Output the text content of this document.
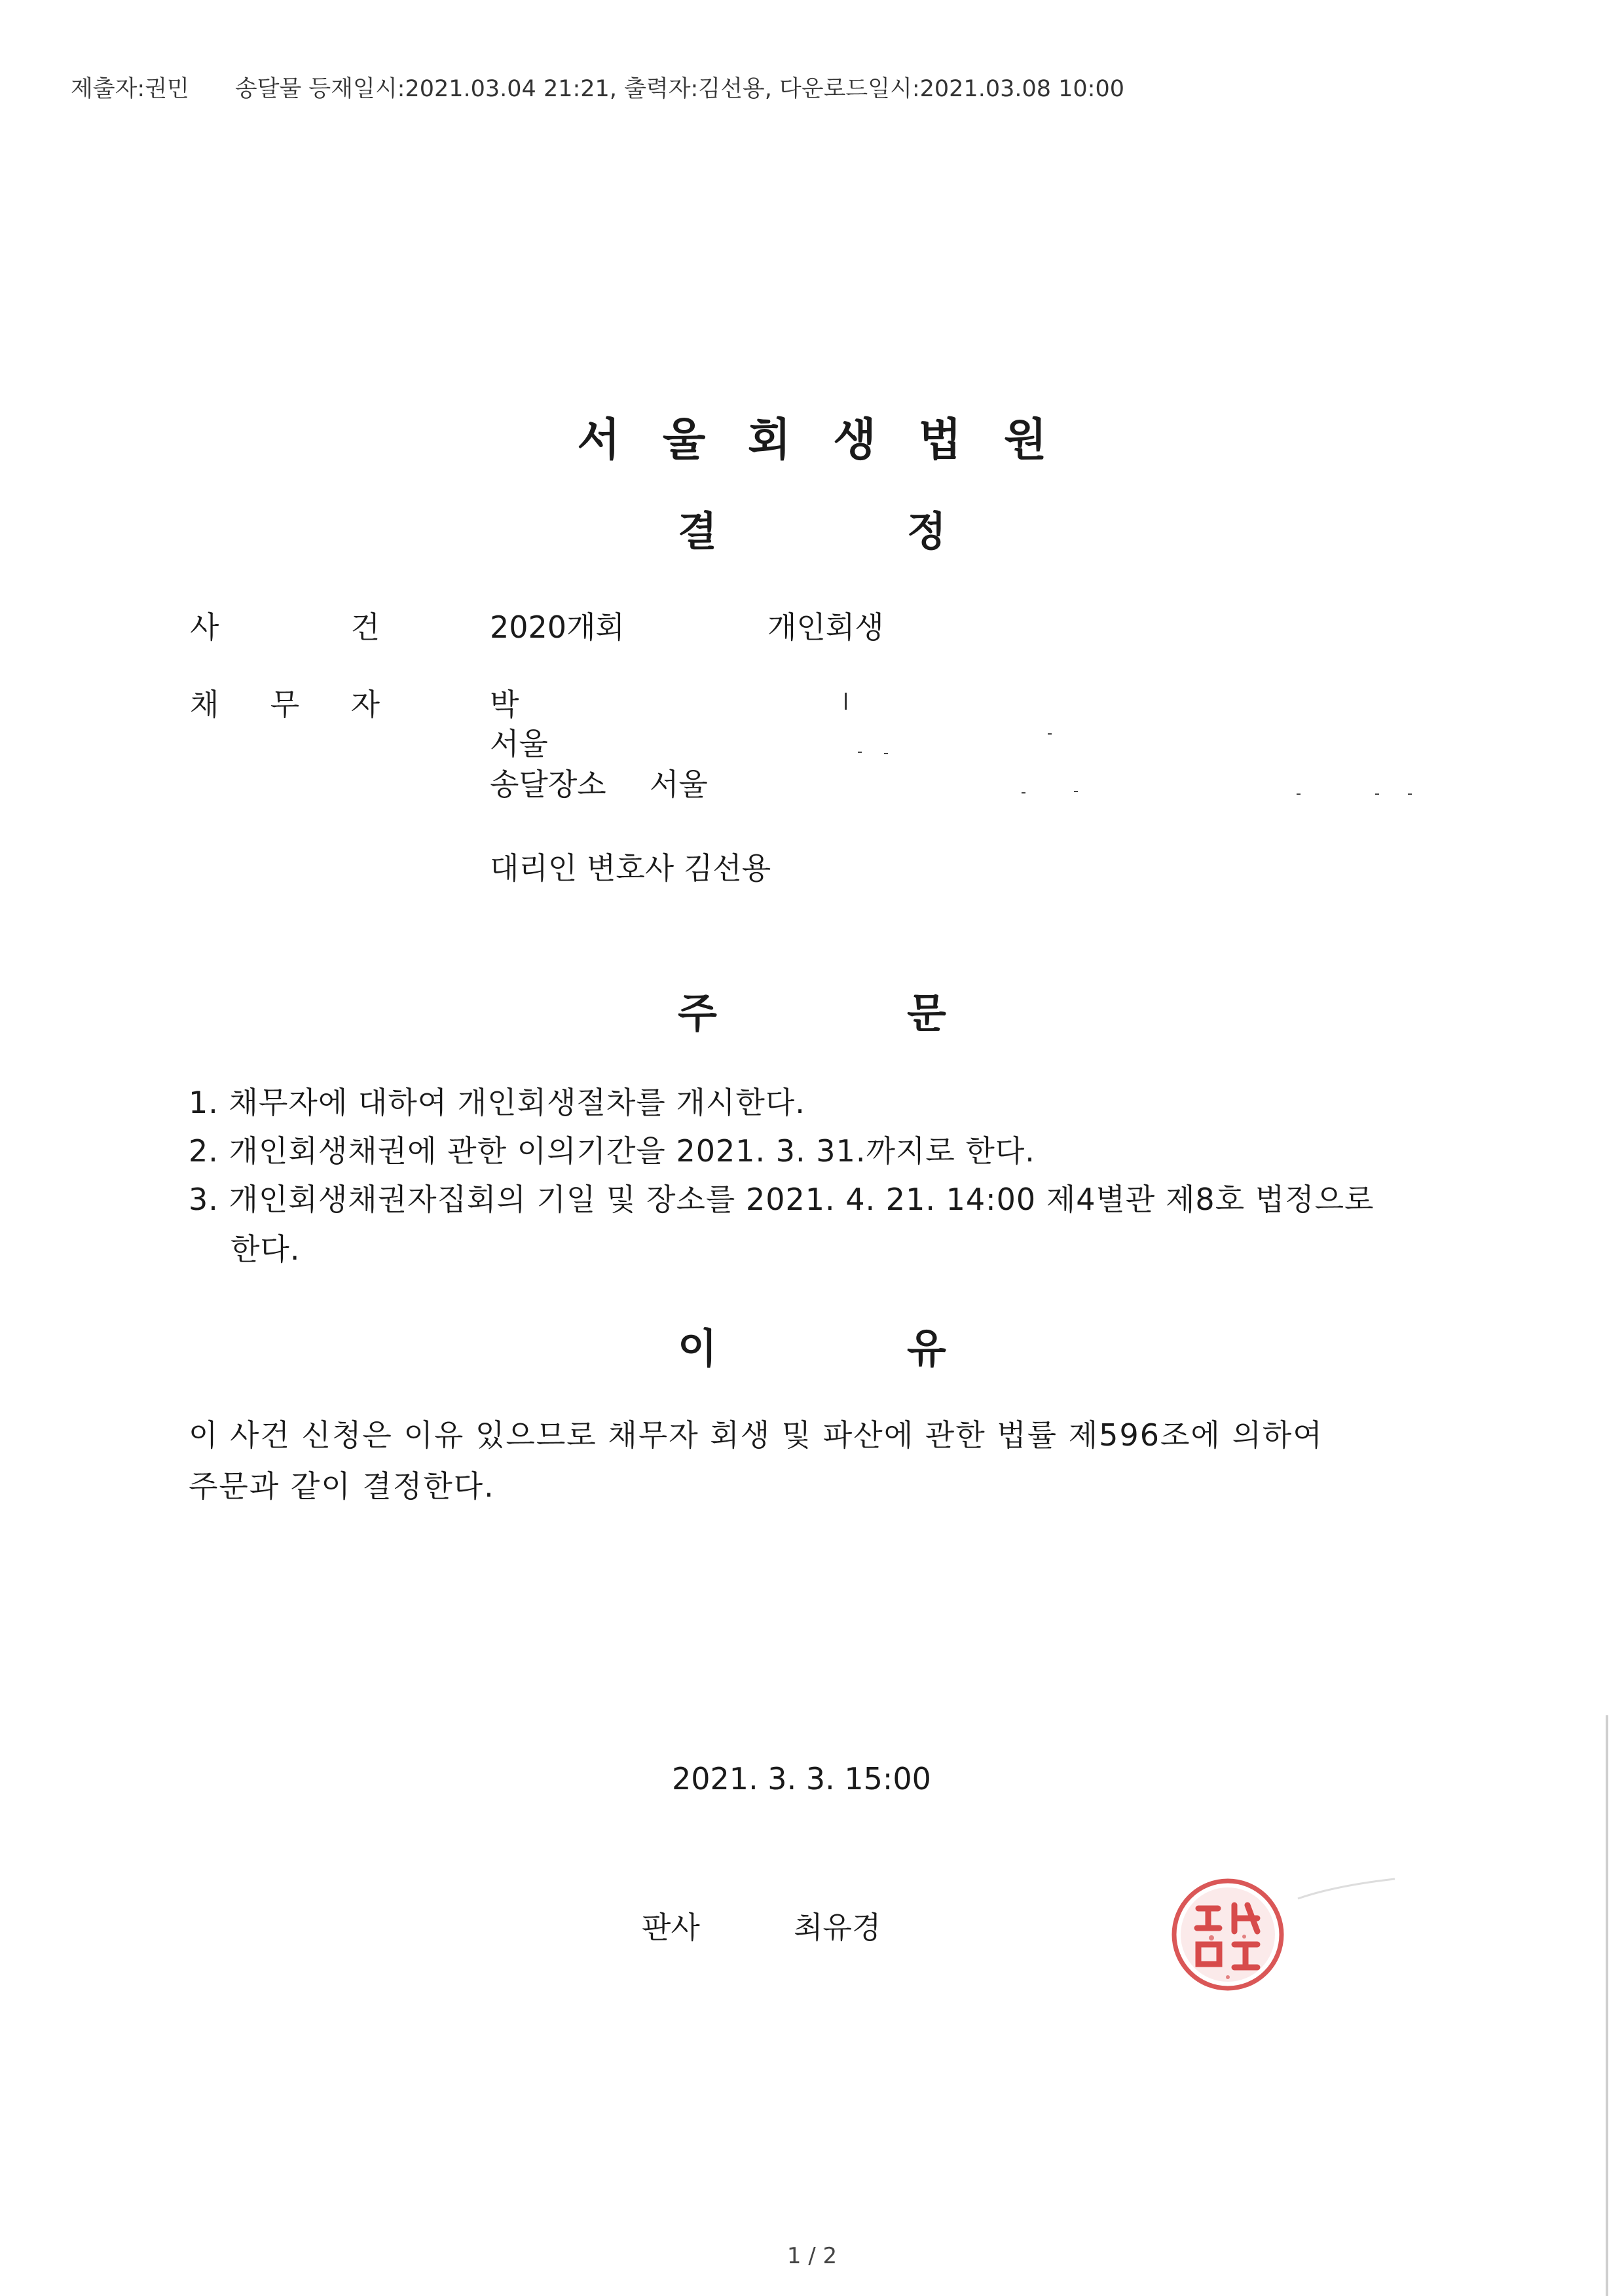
제출자:권민 송달물 등재일시:2021.03.04 21:21, 출력자:김선용, 다운로드일시:2021.03.08 10:00
서울회생법원
결	정
사	건	2020개회	개인회생
채 무 자	박
서울
송달장소 서울
대리인 변호사 김선용
주	문
1. 채무자에 대하여 개인회생절차를 개시한다.
2. 개인회생채권에 관한 이의기간을 2021. 3. 31.까지로 한다.
3. 개인회생채권자집회의 기일 및 장소를 2021. 4. 21. 14:00 제4별관 제8호 법정으로
한다.
이	유
이 사건 신청은 이유 있으므로 채무자 회생 및 파산에 관한 법률 제596조에 의하여
주문과 같이 결정한다.
2021. 3. 3. 15:00
판사	최유경
1 / 2
